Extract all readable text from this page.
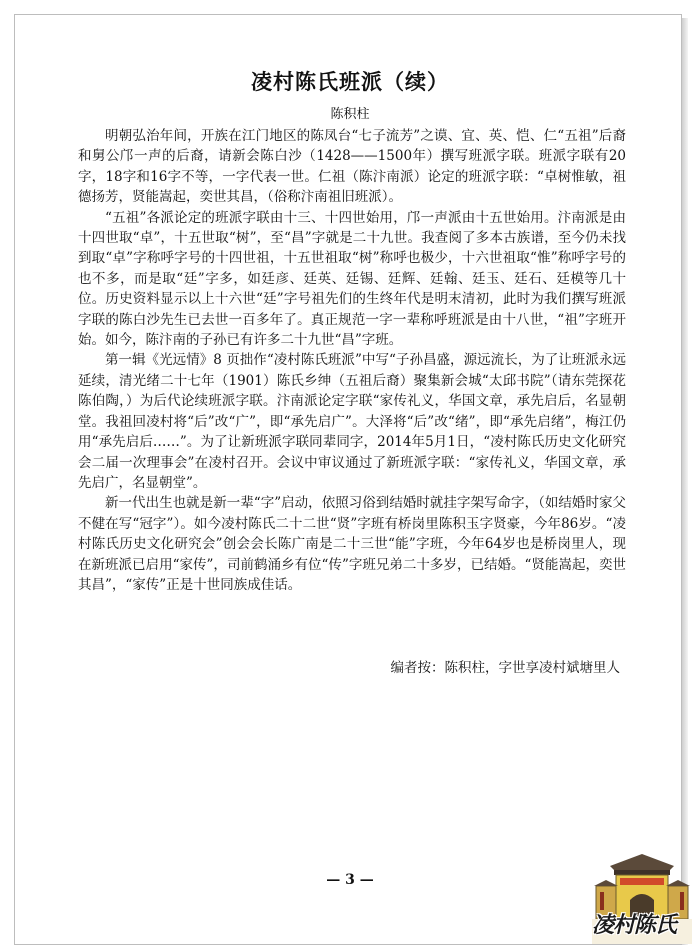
凌村陈氏班派（续）
陈积柱

明朝弘治年间，开族在江门地区的陈凤台“七子流芳”之谟、宜、英、恺、仁“五祖”后裔和舅公邝一声的后裔，请新会陈白沙（1428——1500年）撰写班派字联。班派字联有20字，18字和16字不等，一字代表一世。仁祖（陈汴南派）论定的班派字联：“卓树惟敏，祖德扬芳，贤能嵩起，奕世其昌，（俗称汴南祖旧班派）。

“五祖”各派论定的班派字联由十三、十四世始用，邝一声派由十五世始用。汴南派是由十四世取“卓”，十五世取“树”，至“昌”字就是二十九世。我查阅了多本古族谱，至今仍未找到取“卓”字称呼字号的十四世祖，十五世祖取“树”称呼也极少，十六世祖取“惟”称呼字号的也不多，而是取“廷”字多，如廷彦、廷英、廷锡、廷辉、廷翰、廷玉、廷石、廷模等几十位。历史资料显示以上十六世“廷”字号祖先们的生终年代是明末清初，此时为我们撰写班派字联的陈白沙先生已去世一百多年了。真正规范一字一辈称呼班派是由十八世，“祖”字班开始。如今，陈汴南的子孙已有许多二十九世“昌”字班。

第一辑《光远情》8 页拙作“凌村陈氏班派”中写“子孙昌盛，源远流长，为了让班派永远延续，清光绪二十七年（1901）陈氏乡绅（五祖后裔）聚集新会城“太邱书院”（请东莞探花陈伯陶，）为后代论续班派字联。汴南派论定字联“家传礼义，华国文章，承先启后，名显朝堂。我祖回凌村将“后”改“广”，即“承先启广”。大泽将“后”改“绪”，即“承先启绪”，梅江仍用“承先启后……”。为了让新班派字联同辈同字，2014年5月1日，“凌村陈氏历史文化研究会二届一次理事会”在凌村召开。会议中审议通过了新班派字联：“家传礼义，华国文章，承先启广，名显朝堂”。

新一代出生也就是新一辈“字”启动，依照习俗到结婚时就挂字架写命字，（如结婚时家父不健在写“冠字”）。如今凌村陈氏二十二世“贤”字班有桥岗里陈积玉字贤豪，今年86岁。“凌村陈氏历史文化研究会”创会会长陈广南是二十三世“能”字班，今年64岁也是桥岗里人，现在新班派已启用“家传”，司前鹤涌乡有位“传”字班兄弟二十多岁，已结婚。“贤能嵩起，奕世其昌”，“家传”正是十世同族成佳话。

编者按：陈积柱，字世享凌村斌塘里人
— 3 —
凌村陈氏
